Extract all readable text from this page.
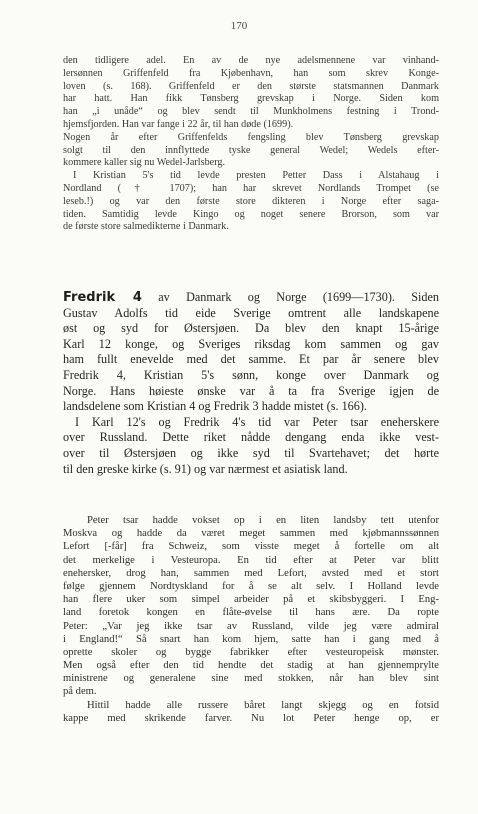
170
den tidligere adel. En av de nye adelsmennene var vinhand-
lersønnen Griffenfeld fra Kjøbenhavn, han som skrev Konge-
loven (s. 168). Griffenfeld er den største statsmannen Danmark
har hatt. Han fikk Tønsberg grevskap i Norge. Siden kom
han „i unåde“ og blev sendt til Munkholmens festning i Trond-
hjemsfjorden. Han var fange i 22 år, til han døde (1699).
Nogen år efter Griffenfelds fengsling blev Tønsberg grevskap
solgt til den innflyttede tyske general Wedel; Wedels efter-
kommere kaller sig nu Wedel-Jarlsberg.
I Kristian 5's tid levde presten Petter Dass i Alstahaug i
Nordland († 1707); han har skrevet Nordlands Trompet (se
leseb.!) og var den første store dikteren i Norge efter saga-
tiden. Samtidig levde Kingo og noget senere Brorson, som var
de første store salmedikterne i Danmark.
Fredrik 4 av Danmark og Norge (1699—1730). Siden
Gustav Adolfs tid eide Sverige omtrent alle landskapene
øst og syd for Østersjøen. Da blev den knapt 15-årige
Karl 12 konge, og Sveriges riksdag kom sammen og gav
ham fullt enevelde med det samme. Et par år senere blev
Fredrik 4, Kristian 5's sønn, konge over Danmark og
Norge. Hans høieste ønske var å ta fra Sverige igjen de
landsdelene som Kristian 4 og Fredrik 3 hadde mistet (s. 166).
I Karl 12's og Fredrik 4's tid var Peter tsar eneherskere
over Russland. Dette riket nådde dengang enda ikke vest-
over til Østersjøen og ikke syd til Svartehavet; det hørte
til den greske kirke (s. 91) og var nærmest et asiatisk land.
Peter tsar hadde vokset op i en liten landsby tett utenfor
Moskva og hadde da været meget sammen med kjøbmannssønnen
Lefort [-får] fra Schweiz, som visste meget å fortelle om alt
det merkelige i Vesteuropa. En tid efter at Peter var blitt
enehersker, drog han, sammen med Lefort, avsted med et stort
følge gjennem Nordtyskland for å se alt selv. I Holland levde
han flere uker som simpel arbeider på et skibsbyggeri. I Eng-
land foretok kongen en flåte-øvelse til hans ære. Da ropte
Peter: „Var jeg ikke tsar av Russland, vilde jeg være admiral
i England!“ Så snart han kom hjem, satte han i gang med å
oprette skoler og bygge fabrikker efter vesteuropeisk mønster.
Men også efter den tid hendte det stadig at han gjennemprylte
ministrene og generalene sine med stokken, når han blev sint
på dem.
Hittil hadde alle russere båret langt skjegg og en fotsid
kappe med skrikende farver. Nu lot Peter henge op, er
